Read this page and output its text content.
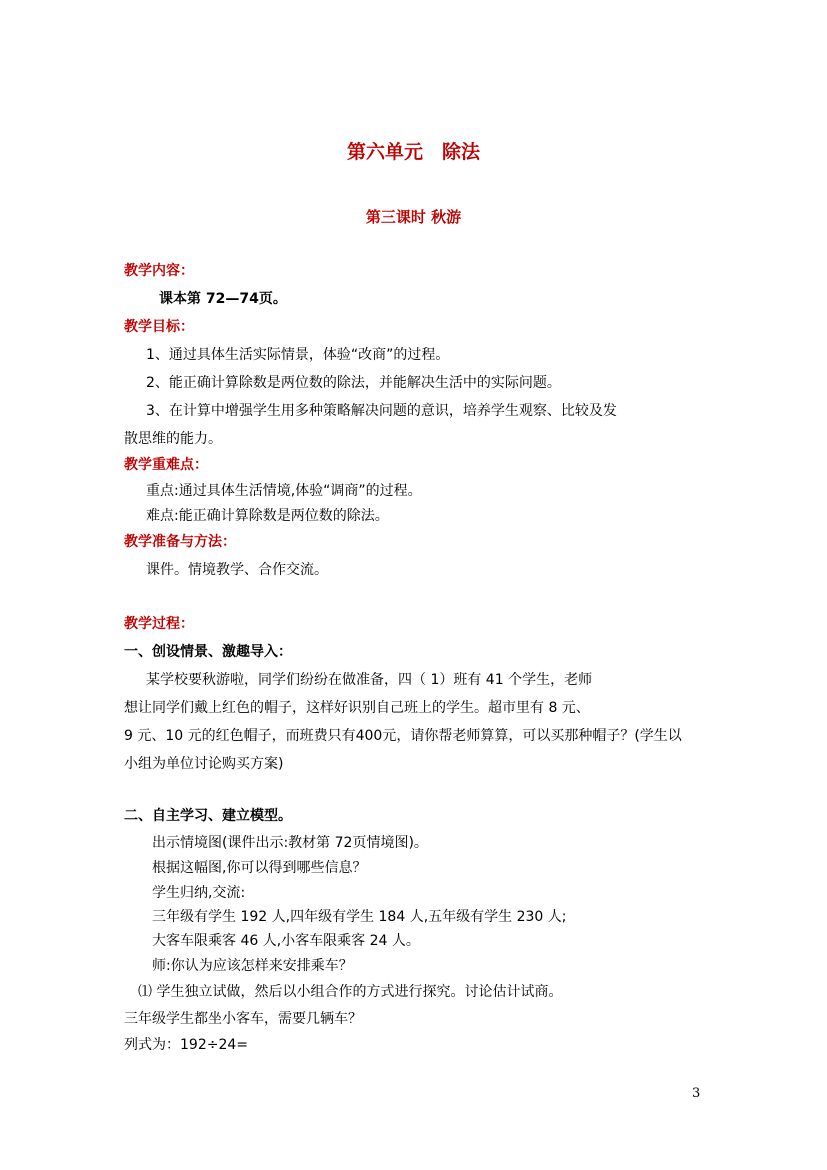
第六单元　除法
第三课时 秋游
教学内容：
课本第 72—74页。
教学目标：
1、通过具体生活实际情景，体验“改商”的过程。
2、能正确计算除数是两位数的除法，并能解决生活中的实际问题。
3、在计算中增强学生用多种策略解决问题的意识，培养学生观察、比较及发
散思维的能力。
教学重难点：
重点:通过具体生活情境,体验“调商”的过程。
难点:能正确计算除数是两位数的除法。
教学准备与方法：
课件。情境教学、合作交流。
教学过程：
一、创设情景、激趣导入：
某学校要秋游啦，同学们纷纷在做准备，四（ 1）班有 41 个学生，老师
想让同学们戴上红色的帽子，这样好识别自己班上的学生。超市里有 8 元、
9 元、10 元的红色帽子，而班费只有400元，请你帮老师算算，可以买那种帽子？(学生以
小组为单位讨论购买方案)
二、自主学习、建立模型。
出示情境图(课件出示:教材第 72页情境图)。
根据这幅图,你可以得到哪些信息？
学生归纳,交流:
三年级有学生 192 人,四年级有学生 184 人,五年级有学生 230 人;
大客车限乘客 46 人,小客车限乘客 24 人。
师:你认为应该怎样来安排乘车？
⑴ 学生独立试做，然后以小组合作的方式进行探究。讨论估计试商。
三年级学生都坐小客车，需要几辆车？
列式为：192÷24=
3
